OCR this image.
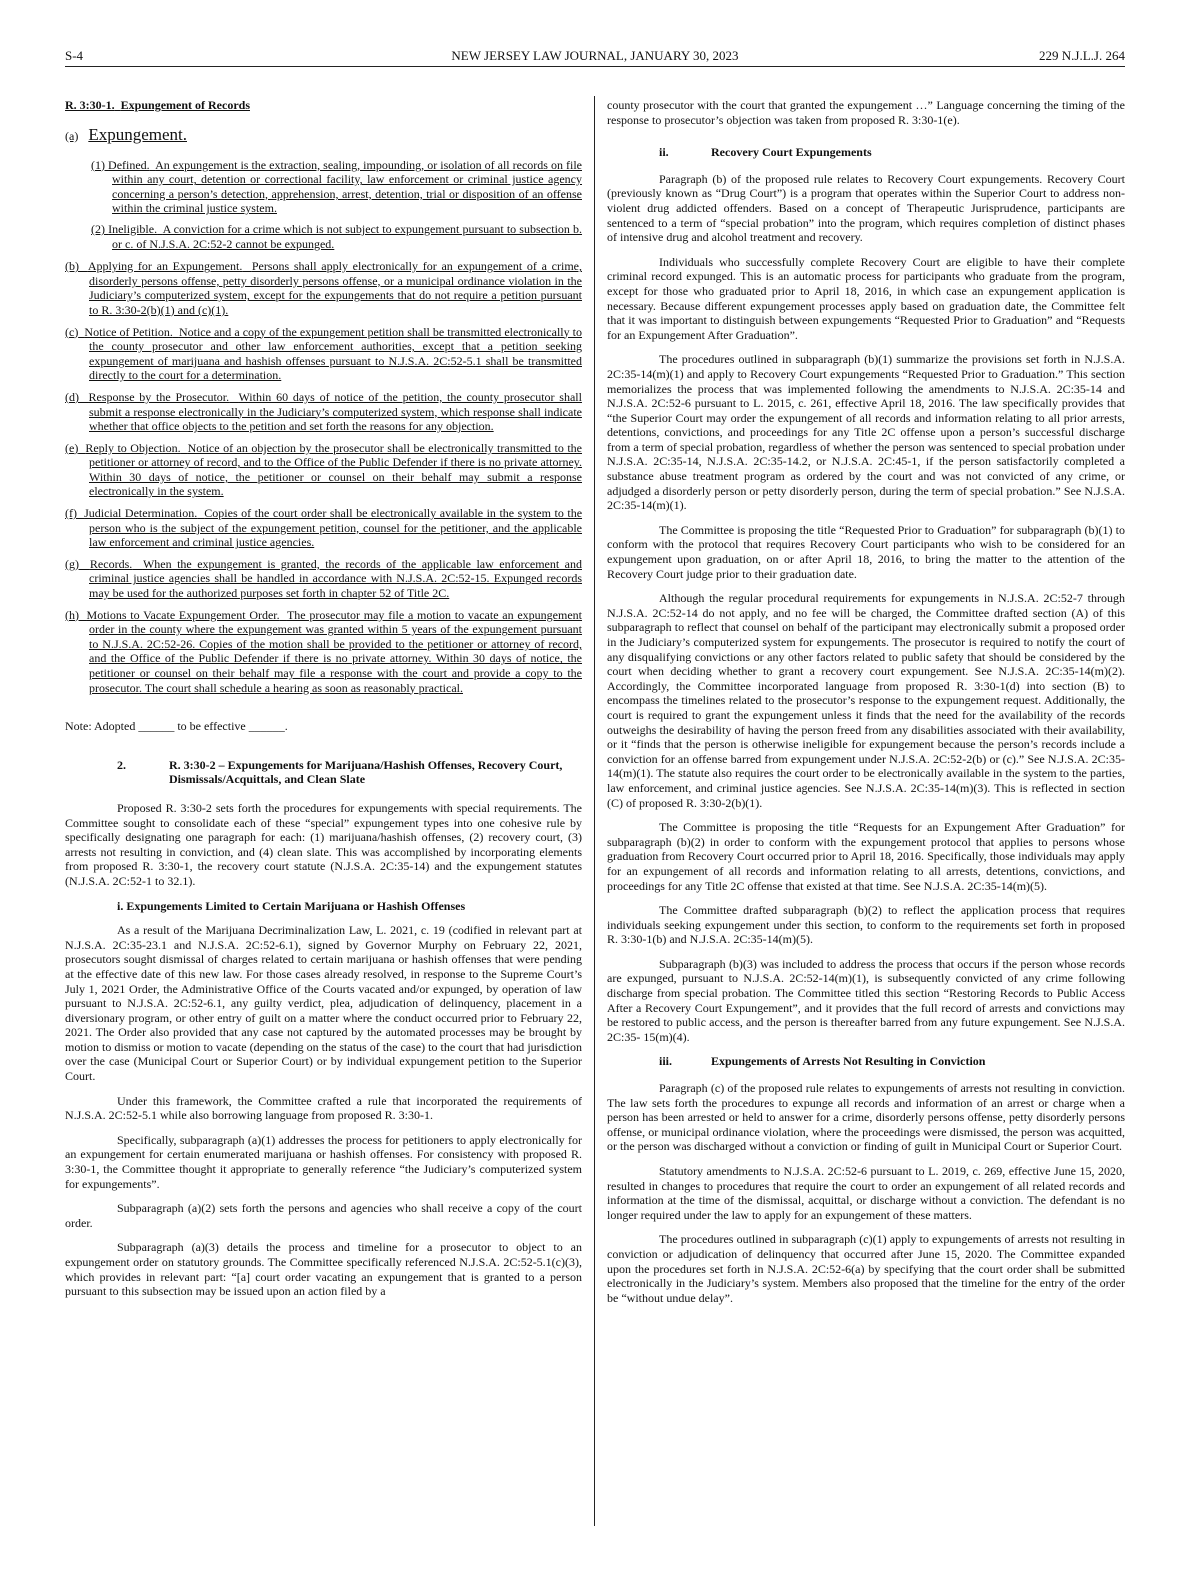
S-4	NEW JERSEY LAW JOURNAL, JANUARY 30, 2023	229 N.J.L.J. 264

R. 3:30-1. Expungement of Records

(a) Expungement.

(1) Defined. An expungement is the extraction, sealing, impounding, or isolation of all records on file within any court, detention or correctional facility, law enforcement or criminal justice agency concerning a person’s detection, apprehension, arrest, detention, trial or disposition of an offense within the criminal justice system.

(2) Ineligible. A conviction for a crime which is not subject to expungement pursuant to subsection b. or c. of N.J.S.A. 2C:52-2 cannot be expunged.

(b) Applying for an Expungement. Persons shall apply electronically for an expungement of a crime, disorderly persons offense, petty disorderly persons offense, or a municipal ordinance violation in the Judiciary’s computerized system, except for the expungements that do not require a petition pursuant to R. 3:30-2(b)(1) and (c)(1).

(c) Notice of Petition. Notice and a copy of the expungement petition shall be transmitted electronically to the county prosecutor and other law enforcement authorities, except that a petition seeking expungement of marijuana and hashish offenses pursuant to N.J.S.A. 2C:52-5.1 shall be transmitted directly to the court for a determination.

(d) Response by the Prosecutor. Within 60 days of notice of the petition, the county prosecutor shall submit a response electronically in the Judiciary’s computerized system, which response shall indicate whether that office objects to the petition and set forth the reasons for any objection.

(e) Reply to Objection. Notice of an objection by the prosecutor shall be electronically transmitted to the petitioner or attorney of record, and to the Office of the Public Defender if there is no private attorney. Within 30 days of notice, the petitioner or counsel on their behalf may submit a response electronically in the system.

(f) Judicial Determination. Copies of the court order shall be electronically available in the system to the person who is the subject of the expungement petition, counsel for the petitioner, and the applicable law enforcement and criminal justice agencies.

(g) Records. When the expungement is granted, the records of the applicable law enforcement and criminal justice agencies shall be handled in accordance with N.J.S.A. 2C:52-15. Expunged records may be used for the authorized purposes set forth in chapter 52 of Title 2C.

(h) Motions to Vacate Expungement Order. The prosecutor may file a motion to vacate an expungement order in the county where the expungement was granted within 5 years of the expungement pursuant to N.J.S.A. 2C:52-26. Copies of the motion shall be provided to the petitioner or attorney of record, and the Office of the Public Defender if there is no private attorney. Within 30 days of notice, the petitioner or counsel on their behalf may file a response with the court and provide a copy to the prosecutor. The court shall schedule a hearing as soon as reasonably practical.

Note: Adopted ______ to be effective ______.

2.	R. 3:30-2 – Expungements for Marijuana/Hashish Offenses, Recovery Court, Dismissals/Acquittals, and Clean Slate

Proposed R. 3:30-2 sets forth the procedures for expungements with special requirements. The Committee sought to consolidate each of these “special” expungement types into one cohesive rule by specifically designating one paragraph for each: (1) marijuana/hashish offenses, (2) recovery court, (3) arrests not resulting in conviction, and (4) clean slate. This was accomplished by incorporating elements from proposed R. 3:30-1, the recovery court statute (N.J.S.A. 2C:35-14) and the expungement statutes (N.J.S.A. 2C:52-1 to 32.1).

i. Expungements Limited to Certain Marijuana or Hashish Offenses

As a result of the Marijuana Decriminalization Law, L. 2021, c. 19 (codified in relevant part at N.J.S.A. 2C:35-23.1 and N.J.S.A. 2C:52-6.1), signed by Governor Murphy on February 22, 2021, prosecutors sought dismissal of charges related to certain marijuana or hashish offenses that were pending at the effective date of this new law. For those cases already resolved, in response to the Supreme Court’s July 1, 2021 Order, the Administrative Office of the Courts vacated and/or expunged, by operation of law pursuant to N.J.S.A. 2C:52-6.1, any guilty verdict, plea, adjudication of delinquency, placement in a diversionary program, or other entry of guilt on a matter where the conduct occurred prior to February 22, 2021. The Order also provided that any case not captured by the automated processes may be brought by motion to dismiss or motion to vacate (depending on the status of the case) to the court that had jurisdiction over the case (Municipal Court or Superior Court) or by individual expungement petition to the Superior Court.

Under this framework, the Committee crafted a rule that incorporated the requirements of N.J.S.A. 2C:52-5.1 while also borrowing language from proposed R. 3:30-1.

Specifically, subparagraph (a)(1) addresses the process for petitioners to apply electronically for an expungement for certain enumerated marijuana or hashish offenses. For consistency with proposed R. 3:30-1, the Committee thought it appropriate to generally reference “the Judiciary’s computerized system for expungements”.

Subparagraph (a)(2) sets forth the persons and agencies who shall receive a copy of the court order.

Subparagraph (a)(3) details the process and timeline for a prosecutor to object to an expungement order on statutory grounds. The Committee specifically referenced N.J.S.A. 2C:52-5.1(c)(3), which provides in relevant part: “[a] court order vacating an expungement that is granted to a person pursuant to this subsection may be issued upon an action filed by a

county prosecutor with the court that granted the expungement …” Language concerning the timing of the response to prosecutor’s objection was taken from proposed R. 3:30-1(e).

ii.	Recovery Court Expungements

Paragraph (b) of the proposed rule relates to Recovery Court expungements. Recovery Court (previously known as “Drug Court”) is a program that operates within the Superior Court to address non-violent drug addicted offenders. Based on a concept of Therapeutic Jurisprudence, participants are sentenced to a term of “special probation” into the program, which requires completion of distinct phases of intensive drug and alcohol treatment and recovery.

Individuals who successfully complete Recovery Court are eligible to have their complete criminal record expunged. This is an automatic process for participants who graduate from the program, except for those who graduated prior to April 18, 2016, in which case an expungement application is necessary. Because different expungement processes apply based on graduation date, the Committee felt that it was important to distinguish between expungements “Requested Prior to Graduation” and “Requests for an Expungement After Graduation”.

The procedures outlined in subparagraph (b)(1) summarize the provisions set forth in N.J.S.A. 2C:35-14(m)(1) and apply to Recovery Court expungements “Requested Prior to Graduation.” This section memorializes the process that was implemented following the amendments to N.J.S.A. 2C:35-14 and N.J.S.A. 2C:52-6 pursuant to L. 2015, c. 261, effective April 18, 2016. The law specifically provides that “the Superior Court may order the expungement of all records and information relating to all prior arrests, detentions, convictions, and proceedings for any Title 2C offense upon a person’s successful discharge from a term of special probation, regardless of whether the person was sentenced to special probation under N.J.S.A. 2C:35-14, N.J.S.A. 2C:35-14.2, or N.J.S.A. 2C:45-1, if the person satisfactorily completed a substance abuse treatment program as ordered by the court and was not convicted of any crime, or adjudged a disorderly person or petty disorderly person, during the term of special probation.” See N.J.S.A. 2C:35-14(m)(1).

The Committee is proposing the title “Requested Prior to Graduation” for subparagraph (b)(1) to conform with the protocol that requires Recovery Court participants who wish to be considered for an expungement upon graduation, on or after April 18, 2016, to bring the matter to the attention of the Recovery Court judge prior to their graduation date.

Although the regular procedural requirements for expungements in N.J.S.A. 2C:52-7 through N.J.S.A. 2C:52-14 do not apply, and no fee will be charged, the Committee drafted section (A) of this subparagraph to reflect that counsel on behalf of the participant may electronically submit a proposed order in the Judiciary’s computerized system for expungements. The prosecutor is required to notify the court of any disqualifying convictions or any other factors related to public safety that should be considered by the court when deciding whether to grant a recovery court expungement. See N.J.S.A. 2C:35-14(m)(2). Accordingly, the Committee incorporated language from proposed R. 3:30-1(d) into section (B) to encompass the timelines related to the prosecutor’s response to the expungement request. Additionally, the court is required to grant the expungement unless it finds that the need for the availability of the records outweighs the desirability of having the person freed from any disabilities associated with their availability, or it “finds that the person is otherwise ineligible for expungement because the person’s records include a conviction for an offense barred from expungement under N.J.S.A. 2C:52-2(b) or (c).” See N.J.S.A. 2C:35-14(m)(1). The statute also requires the court order to be electronically available in the system to the parties, law enforcement, and criminal justice agencies. See N.J.S.A. 2C:35-14(m)(3). This is reflected in section (C) of proposed R. 3:30-2(b)(1).

The Committee is proposing the title “Requests for an Expungement After Graduation” for subparagraph (b)(2) in order to conform with the expungement protocol that applies to persons whose graduation from Recovery Court occurred prior to April 18, 2016. Specifically, those individuals may apply for an expungement of all records and information relating to all arrests, detentions, convictions, and proceedings for any Title 2C offense that existed at that time. See N.J.S.A. 2C:35-14(m)(5).

The Committee drafted subparagraph (b)(2) to reflect the application process that requires individuals seeking expungement under this section, to conform to the requirements set forth in proposed R. 3:30-1(b) and N.J.S.A. 2C:35-14(m)(5).

Subparagraph (b)(3) was included to address the process that occurs if the person whose records are expunged, pursuant to N.J.S.A. 2C:52-14(m)(1), is subsequently convicted of any crime following discharge from special probation. The Committee titled this section “Restoring Records to Public Access After a Recovery Court Expungement”, and it provides that the full record of arrests and convictions may be restored to public access, and the person is thereafter barred from any future expungement. See N.J.S.A. 2C:35- 15(m)(4).

iii.	Expungements of Arrests Not Resulting in Conviction

Paragraph (c) of the proposed rule relates to expungements of arrests not resulting in conviction. The law sets forth the procedures to expunge all records and information of an arrest or charge when a person has been arrested or held to answer for a crime, disorderly persons offense, petty disorderly persons offense, or municipal ordinance violation, where the proceedings were dismissed, the person was acquitted, or the person was discharged without a conviction or finding of guilt in Municipal Court or Superior Court.

Statutory amendments to N.J.S.A. 2C:52-6 pursuant to L. 2019, c. 269, effective June 15, 2020, resulted in changes to procedures that require the court to order an expungement of all related records and information at the time of the dismissal, acquittal, or discharge without a conviction. The defendant is no longer required under the law to apply for an expungement of these matters.

The procedures outlined in subparagraph (c)(1) apply to expungements of arrests not resulting in conviction or adjudication of delinquency that occurred after June 15, 2020. The Committee expanded upon the procedures set forth in N.J.S.A. 2C:52-6(a) by specifying that the court order shall be submitted electronically in the Judiciary’s system. Members also proposed that the timeline for the entry of the order be “without undue delay”.
